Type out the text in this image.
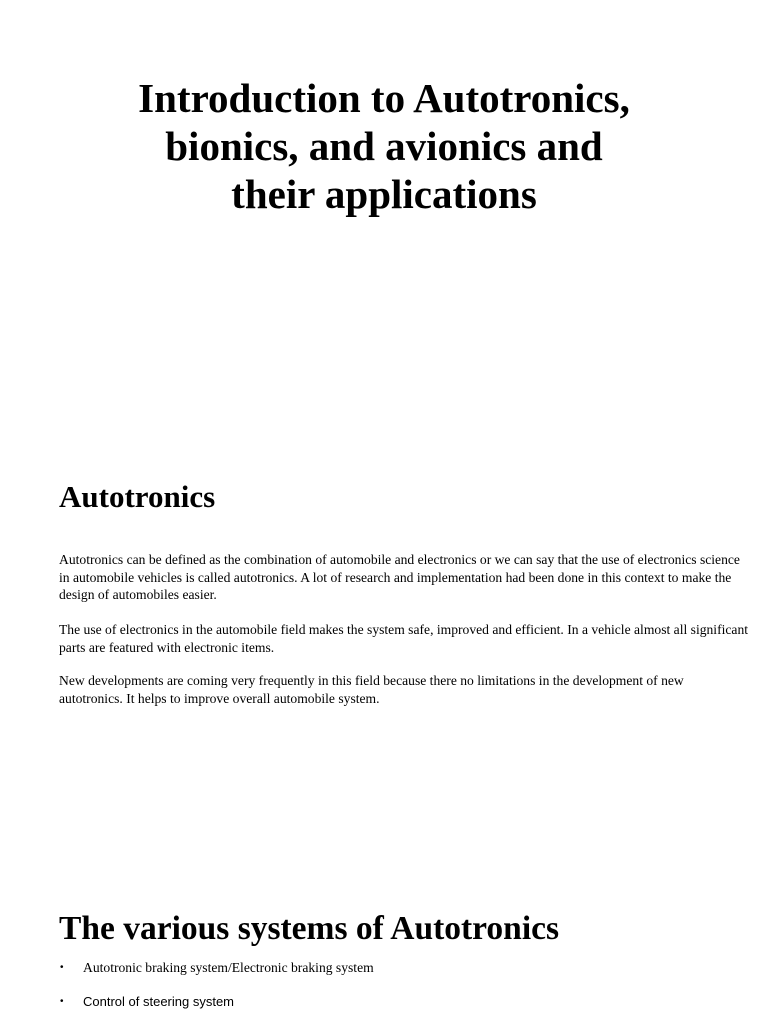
Introduction to Autotronics,
bionics, and avionics and
their applications
Autotronics

Autotronics can be defined as the combination of automobile and electronics or we can say that the use of electronics science in automobile vehicles is called autotronics. A lot of research and implementation had been done in this context to make the design of automobiles easier.

The use of electronics in the automobile field makes the system safe, improved and efficient. In a vehicle almost all significant parts are featured with electronic items.

New developments are coming very frequently in this field because there no limitations in the development of new autotronics. It helps to improve overall automobile system.

The various systems of Autotronics
•	Autotronic braking system/Electronic braking system
•	Control of steering system
